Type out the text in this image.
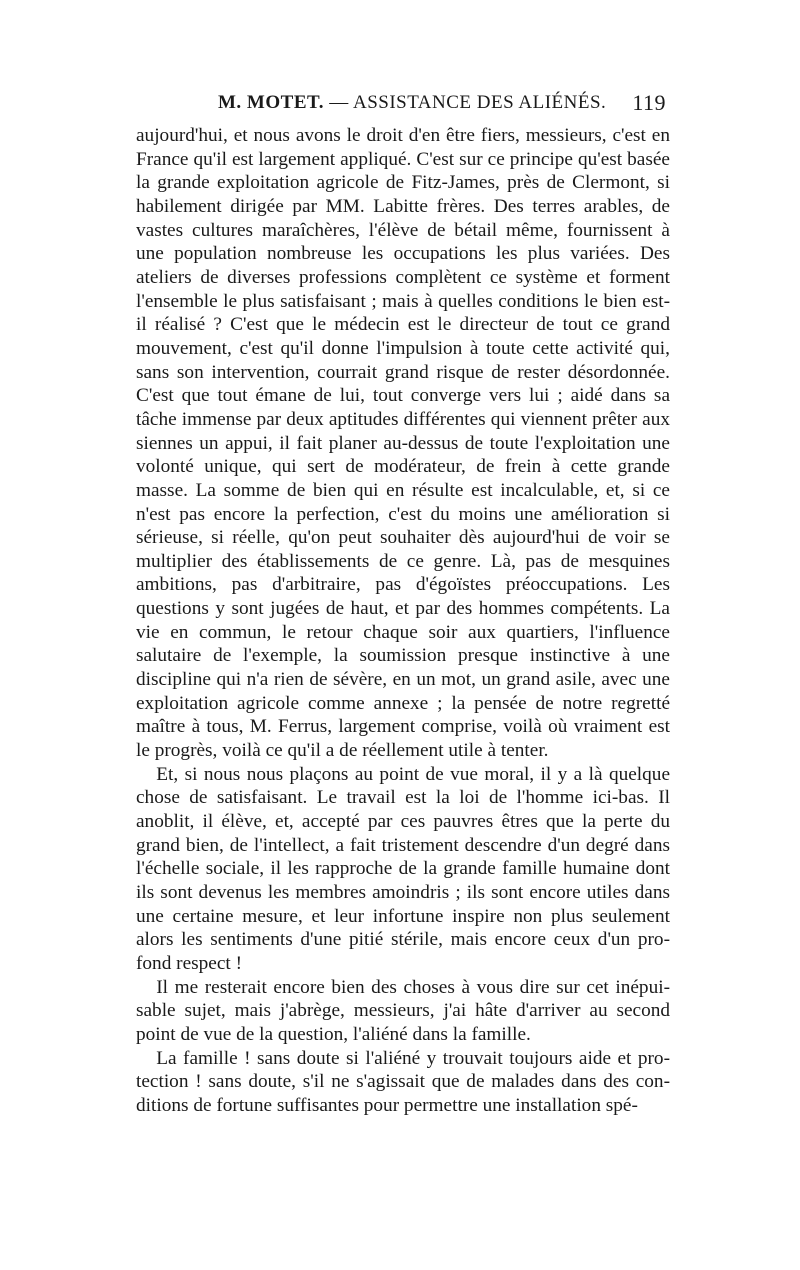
M. MOTET. — ASSISTANCE DES ALIÉNÉS. 119

aujourd'hui, et nous avons le droit d'en être fiers, messieurs, c'est en France qu'il est largement appliqué. C'est sur ce principe qu'est basée la grande exploitation agricole de Fitz-James, près de Clermont, si habilement dirigée par MM. Labitte frères. Des terres arables, de vastes cultures maraîchères, l'élève de bétail même, fournissent à une population nombreuse les occupations les plus variées. Des ateliers de diverses professions complètent ce système et forment l'ensemble le plus satisfaisant ; mais à quelles conditions le bien est-il réalisé ? C'est que le médecin est le directeur de tout ce grand mouvement, c'est qu'il donne l'impulsion à toute cette activité qui, sans son intervention, courrait grand risque de rester désordonnée. C'est que tout émane de lui, tout converge vers lui ; aidé dans sa tâche immense par deux aptitudes différentes qui viennent prêter aux siennes un appui, il fait planer au-dessus de toute l'exploitation une volonté unique, qui sert de modérateur, de frein à cette grande masse. La somme de bien qui en résulte est incalculable, et, si ce n'est pas encore la perfection, c'est du moins une amélioration si sérieuse, si réelle, qu'on peut souhaiter dès aujourd'hui de voir se multiplier des établissements de ce genre. Là, pas de mesquines ambitions, pas d'arbitraire, pas d'égoïstes préoccupations. Les questions y sont jugées de haut, et par des hommes compétents. La vie en commun, le retour chaque soir aux quartiers, l'influence salutaire de l'exemple, la soumission presque instinctive à une discipline qui n'a rien de sévère, en un mot, un grand asile, avec une exploitation agricole comme annexe ; la pensée de notre regretté maître à tous, M. Ferrus, largement comprise, voilà où vraiment est le progrès, voilà ce qu'il a de réellement utile à tenter.

Et, si nous nous plaçons au point de vue moral, il y a là quelque chose de satisfaisant. Le travail est la loi de l'homme ici-bas. Il anoblit, il élève, et, accepté par ces pauvres êtres que la perte du grand bien, de l'intellect, a fait tristement descendre d'un degré dans l'échelle sociale, il les rapproche de la grande famille humaine dont ils sont devenus les membres amoindris ; ils sont encore utiles dans une certaine mesure, et leur infortune inspire non plus seulement alors les sentiments d'une pitié stérile, mais encore ceux d'un profond respect !

Il me resterait encore bien des choses à vous dire sur cet inépuisable sujet, mais j'abrège, messieurs, j'ai hâte d'arriver au second point de vue de la question, l'aliéné dans la famille.

La famille ! sans doute si l'aliéné y trouvait toujours aide et protection ! sans doute, s'il ne s'agissait que de malades dans des conditions de fortune suffisantes pour permettre une installation spé-
